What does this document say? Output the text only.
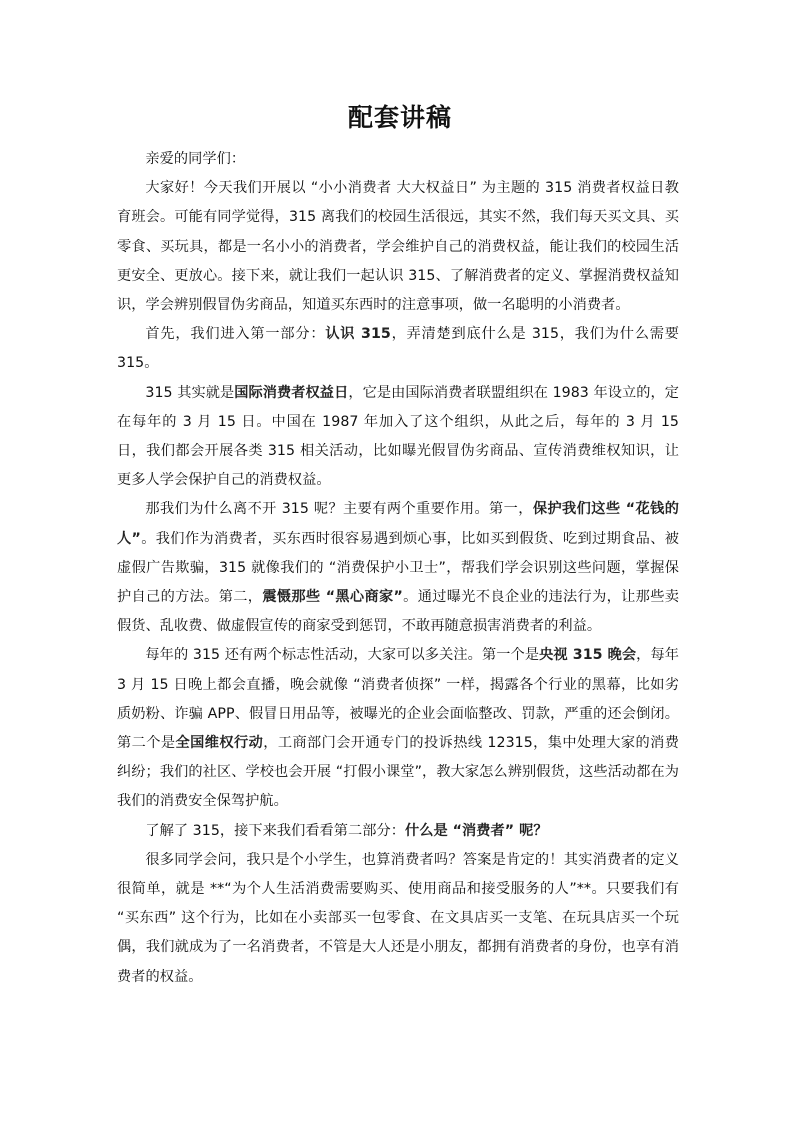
配套讲稿

亲爱的同学们：

大家好！今天我们开展以 “小小消费者 大大权益日” 为主题的 315 消费者权益日教育班会。可能有同学觉得，315 离我们的校园生活很远，其实不然，我们每天买文具、买零食、买玩具，都是一名小小的消费者，学会维护自己的消费权益，能让我们的校园生活更安全、更放心。接下来，就让我们一起认识 315、了解消费者的定义、掌握消费权益知识，学会辨别假冒伪劣商品，知道买东西时的注意事项，做一名聪明的小消费者。

首先，我们进入第一部分：认识 315，弄清楚到底什么是 315，我们为什么需要 315。

315 其实就是国际消费者权益日，它是由国际消费者联盟组织在 1983 年设立的，定在每年的 3 月 15 日。中国在 1987 年加入了这个组织，从此之后，每年的 3 月 15 日，我们都会开展各类 315 相关活动，比如曝光假冒伪劣商品、宣传消费维权知识，让更多人学会保护自己的消费权益。

那我们为什么离不开 315 呢？主要有两个重要作用。第一，保护我们这些 “花钱的人”。我们作为消费者，买东西时很容易遇到烦心事，比如买到假货、吃到过期食品、被虚假广告欺骗，315 就像我们的 “消费保护小卫士”，帮我们学会识别这些问题，掌握保护自己的方法。第二，震慑那些 “黑心商家”。通过曝光不良企业的违法行为，让那些卖假货、乱收费、做虚假宣传的商家受到惩罚，不敢再随意损害消费者的利益。

每年的 315 还有两个标志性活动，大家可以多关注。第一个是央视 315 晚会，每年 3 月 15 日晚上都会直播，晚会就像 “消费者侦探” 一样，揭露各个行业的黑幕，比如劣质奶粉、诈骗 APP、假冒日用品等，被曝光的企业会面临整改、罚款，严重的还会倒闭。第二个是全国维权行动，工商部门会开通专门的投诉热线 12315，集中处理大家的消费纠纷；我们的社区、学校也会开展 “打假小课堂”，教大家怎么辨别假货，这些活动都在为我们的消费安全保驾护航。

了解了 315，接下来我们看看第二部分：什么是 “消费者” 呢？

很多同学会问，我只是个小学生，也算消费者吗？答案是肯定的！其实消费者的定义很简单，就是 **“为个人生活消费需要购买、使用商品和接受服务的人”**。只要我们有 “买东西” 这个行为，比如在小卖部买一包零食、在文具店买一支笔、在玩具店买一个玩偶，我们就成为了一名消费者，不管是大人还是小朋友，都拥有消费者的身份，也享有消费者的权益。
